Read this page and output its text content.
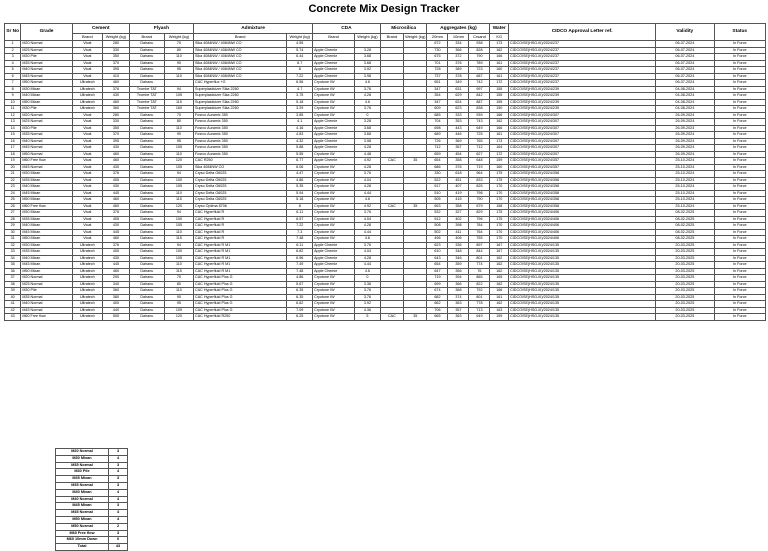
Concrete Mix Design Tracker
Sr No	Grade	Cement		Flyash		Admixture		CDA		Microsilica		Aggregates (kg)			Water	CIDCO Approval Letter ref.	Validity	Status
		Brand	Weight (kg)	Brand	Weight (kg)	Brand	Weight (kg)	Brand	Weight (kg)	Brand	Weight (kg)	20mm	10mm	Crsand	KG			
1	M20 Normal	Vicat	280	Dahanu	70	Sika 4084NW / 4084NW CO	4.55					672	334	938	173	CIDCO/SE(HSG-III)/2024/237	06-07-2024	In Force
2	M25 Normal	Vicat	330	Dahanu	80	Sika 4084NW / 4084NW CO	5.74	Apple Chemie	3.28			730	366	828	162	CIDCO/SE(HSG-III)/2024/237	06-07-2024	In Force
3	M30 Pile	Vicat	350	Dahanu	110	Sika 4084NW / 4084NW CO	6.44	Apple Chemie	3.68			675	372	790	166	CIDCO/SE(HSG-III)/2024/237	06-07-2024	In Force
4	M35 Normal	Vicat	370	Dahanu	90	Sika 4084NW / 4084NW CO	6.7	Apple Chemie	3.68			701	376	789	161	CIDCO/SE(HSG-III)/2024/237	06-07-2024	In Force
5	M40 Normal	Vicat	395	Dahanu	95	Sika 4084NW / 4084NW CO	8	Apple Chemie	3.92			728	389	723	160	CIDCO/SE(HSG-III)/2024/237	06-07-2024	In Force
6	M45 Normal	Vicat	410	Dahanu	110	Sika 4084NW / 4084NW CO	7.22	Apple Chemie	3.98			737	378	687	161	CIDCO/SE(HSG-III)/2024/237	06-07-2024	In Force
7	M50 Normal	Ultratech	460	Dahanu		CAC Hyperflux +G	6.56	Cryotone IW	4.6			651	349	742	172	CIDCO/SE(HSG-III)/2024/237	06-07-2024	In Force
8	M30 Mixan	Ultratech	376	Trombe TAT	94	Superplasticizer Sika 2260	4.7	Cryotone IW	3.76			347	631	997	155	CIDCO/SE(HSG-III)/2024/239	04-08-2024	In Force
9	M40 Mixan	Ultratech	430	Trombe TAT	105	Superplasticizer Sika 2260	3.75	Cryotone IW	4.28			354	629	842	155	CIDCO/SE(HSG-III)/2024/239	04-08-2024	In Force
10	M50 Mixan	Ultratech	460	Trombe TAT	115	Superplasticizer Sika 2260	5.18	Cryotone IW	4.6			347	624	887	155	CIDCO/SE(HSG-III)/2024/239	04-08-2024	In Force
11	M30 Pile	Ultratech	360	Trombe TAT	160	Superplasticizer Sika 2260	3.29	Cryotone IW	3.76			609	623	838	150	CIDCO/SE(HSG-III)/2024/239	04-08-2024	In Force
12	M20 Normal	Vicat	280	Dahanu	70	Fosroc Auramix 350	3.85	Cryotone IW	0			685	333	939	166	CIDCO/SE(HSG-III)/2024/307	26-09-2024	In Force
13	M25 Normal	Vicat	330	Dahanu	80	Fosroc Auramix 350	4.1	Apple Chemie	3.28			704	353	743	162	CIDCO/SE(HSG-III)/2024/307	26-09-2024	In Force
14	M30 Pile	Vicat	350	Dahanu	110	Fosroc Auramix 350	4.16	Apple Chemie	3.68			698	443	649	166	CIDCO/SE(HSG-III)/2024/307	26-09-2024	In Force
15	M35 Normal	Vicat	370	Dahanu	90	Fosroc Auramix 350	4.83	Apple Chemie	3.68			689	446	725	161	CIDCO/SE(HSG-III)/2024/307	26-09-2024	In Force
16	M40 Normal	Vicat	395	Dahanu	95	Fosroc Auramix 350	4.32	Apple Chemie	3.98			726	369	765	173	CIDCO/SE(HSG-III)/2024/307	26-09-2024	In Force
17	M45 Normal	Vicat	430	Dahanu	105	Fosroc Auramix 350	5.88	Apple Chemie	4.28			712	357	712	164	CIDCO/SE(HSG-III)/2024/307	26-09-2024	In Force
18	M50 Normal	Vicat	460	Dahanu	110	Fosroc Auramix 350	5.55	Cryotone IW	4.48			659	454	627	172	CIDCO/SE(HSG-III)/2024/307	26-09-2024	In Force
19	M60 Free flow	Vicat	460	Dahanu	120	CAC R250	6.77	Apple Chemie	4.92	CAC	35	654	358	648	159	CIDCO/SE(HSG-III)/2024/357	25-10-2024	In Force
20	M45 Normal	Vicat	430	Dahanu	105	Sika 4084NW CO	6.06	Cryotone IW	4.28			686	376	719	160	CIDCO/SE(HSG-III)/2024/357	25-10-2024	In Force
21	M30 Mixan	Vicat	376	Dahanu	94	Cryso Delta G6025	4.47	Cryotone IW	3.76			330	618	964	175	CIDCO/SE(HSG-III)/2024/358	25-10-2024	In Force
22	M35 Mixan	Vicat	405	Dahanu	100	Cryso Delta G6025	4.86	Cryotone IW	4.04			522	451	833	175	CIDCO/SE(HSG-III)/2024/358	25-10-2024	In Force
23	M40 Mixan	Vicat	430	Dahanu	105	Cryso Delta G6025	5.35	Cryotone IW	4.28			517	407	825	170	CIDCO/SE(HSG-III)/2024/358	25-10-2024	In Force
24	M45 Mixan	Vicat	445	Dahanu	110	Cryso Delta G6025	5.94	Cryotone IW	4.44			510	419	798	170	CIDCO/SE(HSG-III)/2024/358	25-10-2024	In Force
25	M50 Mixan	Vicat	460	Dahanu	115	Cryso Delta G6025	5.18	Cryotone IW	4.6			505	415	790	170	CIDCO/SE(HSG-III)/2024/358	25-10-2024	In Force
26	M60 Free flow	Vicat	460	Dahanu	120	Cryso Optima 8706	8	Cryotone IW	4.92	CAC	35	653	358	679	158	CIDCO/SE(HSG-III)/2024/358	25-10-2024	In Force
27	M30 Mixan	Vicat	376	Dahanu	94	CAC Hyperfluid R	6.11	Cryotone IW	3.76			532	327	829	175	CIDCO/SE(HSG-III)/2024/406	08-02-2025	In Force
28	M35 Mixan	Vicat	405	Dahanu	100	CAC Hyperfluid R	6.57	Cryotone IW	4.04			512	402	796	175	CIDCO/SE(HSG-III)/2024/406	08-02-2025	In Force
29	M40 Mixan	Vicat	430	Dahanu	105	CAC Hyperfluid R	7.22	Cryotone IW	4.28			508	398	784	170	CIDCO/SE(HSG-III)/2024/406	08-02-2025	In Force
30	M45 Mixan	Vicat	445	Dahanu	110	CAC Hyperfluid R	7.3	Cryotone IW	4.44			502	411	764	170	CIDCO/SE(HSG-III)/2024/406	08-02-2025	In Force
31	M50 Mixan	Vicat	460	Dahanu	115	CAC Hyperfluid R	7.48	Cryotone IW	4.6			496	406	755	170	CIDCO/SE(HSG-III)/2024/406	08-02-2025	In Force
32	M30 Mixan	Ultratech	376	Dahanu	94	CAC Hyperfluid R M1	6.11	Apple Chemie	3.76			623	336	897	167	CIDCO/SE(HSG-III)/2024/135	20-03-2025	In Force
33	M35 Mixan	Ultratech	405	Dahanu	100	CAC Hyperfluid R M1	6.82	Apple Chemie	4.04			610	348	844	167	CIDCO/SE(HSG-III)/2024/135	20-03-2025	In Force
34	M40 Mixan	Ultratech	430	Dahanu	105	CAC Hyperfluid R M1	6.96	Apple Chemie	4.28			643	346	801	162	CIDCO/SE(HSG-III)/2024/135	20-03-2025	In Force
35	M45 Mixan	Ultratech	445	Dahanu	110	CAC Hyperfluid R M1	7.49	Apple Chemie	4.44			654	359	774	162	CIDCO/SE(HSG-III)/2024/135	20-03-2025	In Force
36	M50 Mixan	Ultratech	460	Dahanu	115	CAC Hyperfluid R M1	7.48	Apple Chemie	4.6			647	356	76	162	CIDCO/SE(HSG-III)/2024/135	20-03-2025	In Force
37	M20 Normal	Ultratech	290	Dahanu	70	CAC Hyperfluid Plus G	4.86	Cryotone IW	0			719	394	865	165	CIDCO/SE(HSG-III)/2024/135	20-03-2025	In Force
38	M25 Normal	Ultratech	340	Dahanu	80	CAC Hyperfluid Plus G	5.67	Cryotone IW	3.36			699	366	822	162	CIDCO/SE(HSG-III)/2024/135	20-03-2025	In Force
39	M30 Pile	Ultratech	360	Dahanu	110	CAC Hyperfluid Plus G	6.35	Cryotone IW	3.76			674	368	792	166	CIDCO/SE(HSG-III)/2024/135	20-03-2025	In Force
40	M35 Normal	Ultratech	380	Dahanu	90	CAC Hyperfluid Plus G	6.35	Cryotone IW	3.76			682	374	801	161	CIDCO/SE(HSG-III)/2024/135	20-03-2025	In Force
41	M40 Normal	Ultratech	400	Dahanu	95	CAC Hyperfluid Plus G	6.62	Cryotone IW	3.92			662	363	778	162	CIDCO/SE(HSG-III)/2024/135	20-03-2025	In Force
42	M45 Normal	Ultratech	440	Dahanu	105	CAC Hyperfluid Plus G	7.09	Cryotone IW	4.36			706	357	713	163	CIDCO/SE(HSG-III)/2024/135	20-03-2025	In Force
43	M60 Free flow	Ultratech	505	Dahanu	120	CAC Hyperfluid R250	6.25	Cryotone IW	5	CAC	35	665	363	649	159	CIDCO/SE(HSG-III)/2024/135	20-03-2025	In Force
M20 Normal	3
M30 Mixan	4
M35 Normal	3
M30 Pile	4
M35 Mixan	3
M35 Normal	3
M40 Mixan	4
M40 Normal	4
M45 Mixan	3
M45 Normal	4
M50 Mixan	4
M50 Normal	2
M60 Free flow	3
M60 10mm Down	0
Total	43
